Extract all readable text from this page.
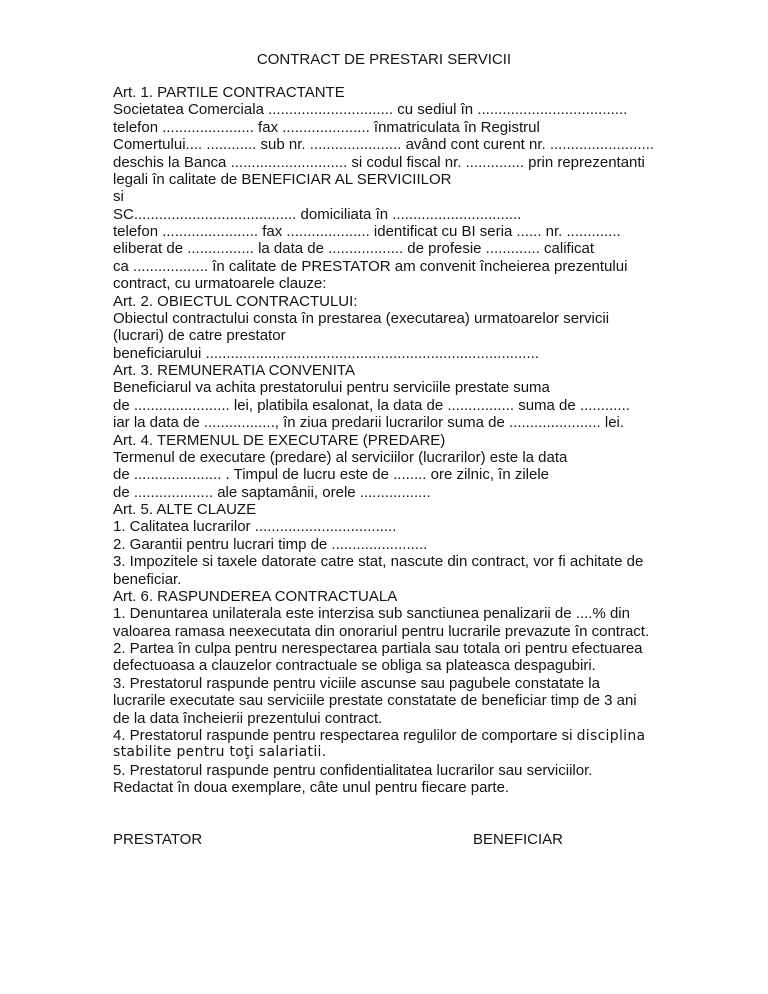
CONTRACT DE PRESTARI SERVICII
Art. 1. PARTILE CONTRACTANTE
Societatea Comerciala .............................. cu sediul în ....................................
telefon ...................... fax ..................... înmatriculata în Registrul
Comertului.... ............ sub nr. ...................... având cont curent nr. .........................
deschis la Banca ............................ si codul fiscal nr. .............. prin reprezentanti
legali în calitate de BENEFICIAR AL SERVICIILOR
si
SC....................................... domiciliata în ...............................
telefon ....................... fax .................... identificat cu BI seria ...... nr. .............
eliberat de ................ la data de .................. de profesie ............. calificat
ca .................. în calitate de PRESTATOR am convenit încheierea prezentului
contract, cu urmatoarele clauze:
Art. 2. OBIECTUL CONTRACTULUI:
Obiectul contractului consta în prestarea (executarea) urmatoarelor servicii
(lucrari) de catre prestator
beneficiarului ................................................................................
Art. 3. REMUNERATIA CONVENITA
Beneficiarul va achita prestatorului pentru serviciile prestate suma
de ....................... lei, platibila esalonat, la data de ................ suma de ............
iar la data de ................., în ziua predarii lucrarilor suma de ...................... lei.
Art. 4. TERMENUL DE EXECUTARE (PREDARE)
Termenul de executare (predare) al serviciilor (lucrarilor) este la data
de ..................... . Timpul de lucru este de ........ ore zilnic, în zilele
de ................... ale saptamânii, orele .................
Art. 5. ALTE CLAUZE
1. Calitatea lucrarilor ..................................
2. Garantii pentru lucrari timp de .......................
3. Impozitele si taxele datorate catre stat, nascute din contract, vor fi achitate de
beneficiar.
Art. 6. RASPUNDEREA CONTRACTUALA
1. Denuntarea unilaterala este interzisa sub sanctiunea penalizarii de ....% din
valoarea ramasa neexecutata din onorariul pentru lucrarile prevazute în contract.
2. Partea în culpa pentru nerespectarea partiala sau totala ori pentru efectuarea
defectuoasa a clauzelor contractuale se obliga sa plateasca despagubiri.
3. Prestatorul raspunde pentru viciile ascunse sau pagubele constatate la
lucrarile executate sau serviciile prestate constatate de beneficiar timp de 3 ani
de la data încheierii prezentului contract.
4. Prestatorul raspunde pentru respectarea regulilor de comportare si disciplina
stabilite pentru toţi salariatii.
5. Prestatorul raspunde pentru confidentialitatea lucrarilor sau serviciilor.
Redactat în doua exemplare, câte unul pentru fiecare parte.
PRESTATOR	BENEFICIAR
